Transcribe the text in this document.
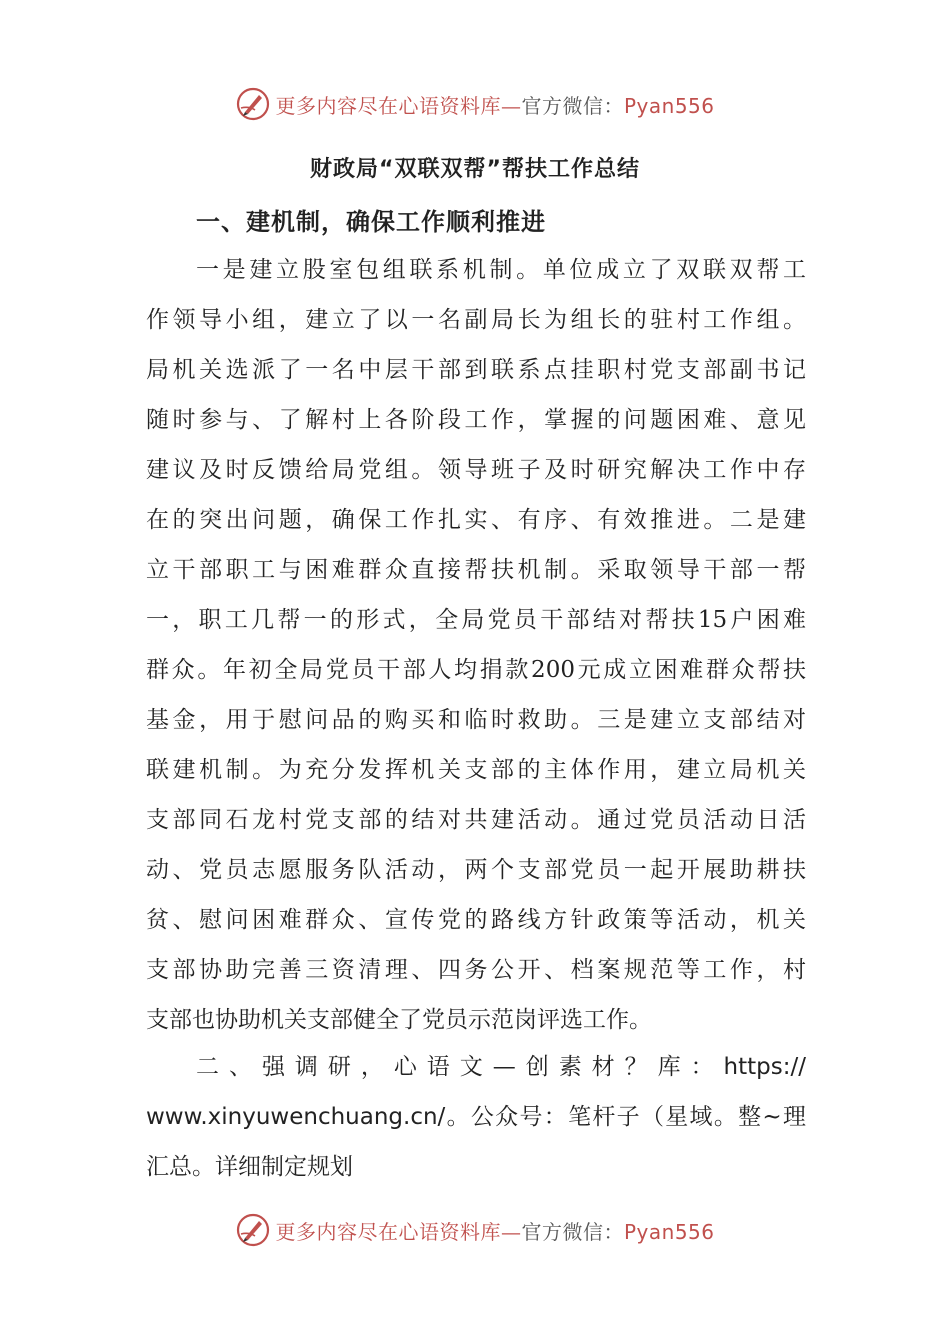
更多内容尽在心语资料库—官方微信：Pyan556
财政局“双联双帮”帮扶工作总结
一、建机制，确保工作顺利推进
一是建立股室包组联系机制。单位成立了双联双帮工
作领导小组，建立了以一名副局长为组长的驻村工作组。
局机关选派了一名中层干部到联系点挂职村党支部副书记
随时参与、了解村上各阶段工作，掌握的问题困难、意见
建议及时反馈给局党组。领导班子及时研究解决工作中存
在的突出问题，确保工作扎实、有序、有效推进。二是建
立干部职工与困难群众直接帮扶机制。采取领导干部一帮
一，职工几帮一的形式，全局党员干部结对帮扶15户困难
群众。年初全局党员干部人均捐款200元成立困难群众帮扶
基金，用于慰问品的购买和临时救助。三是建立支部结对
联建机制。为充分发挥机关支部的主体作用，建立局机关
支部同石龙村党支部的结对共建活动。通过党员活动日活
动、党员志愿服务队活动，两个支部党员一起开展助耕扶
贫、慰问困难群众、宣传党的路线方针政策等活动，机关
支部协助完善三资清理、四务公开、档案规范等工作，村
支部也协助机关支部健全了党员示范岗评选工作。
二、强调研，心语文—创素材？库：https://
www.xinyuwenchuang.cn/。公众号：笔杆子（星域。整~理
汇总。详细制定规划
更多内容尽在心语资料库—官方微信：Pyan556
